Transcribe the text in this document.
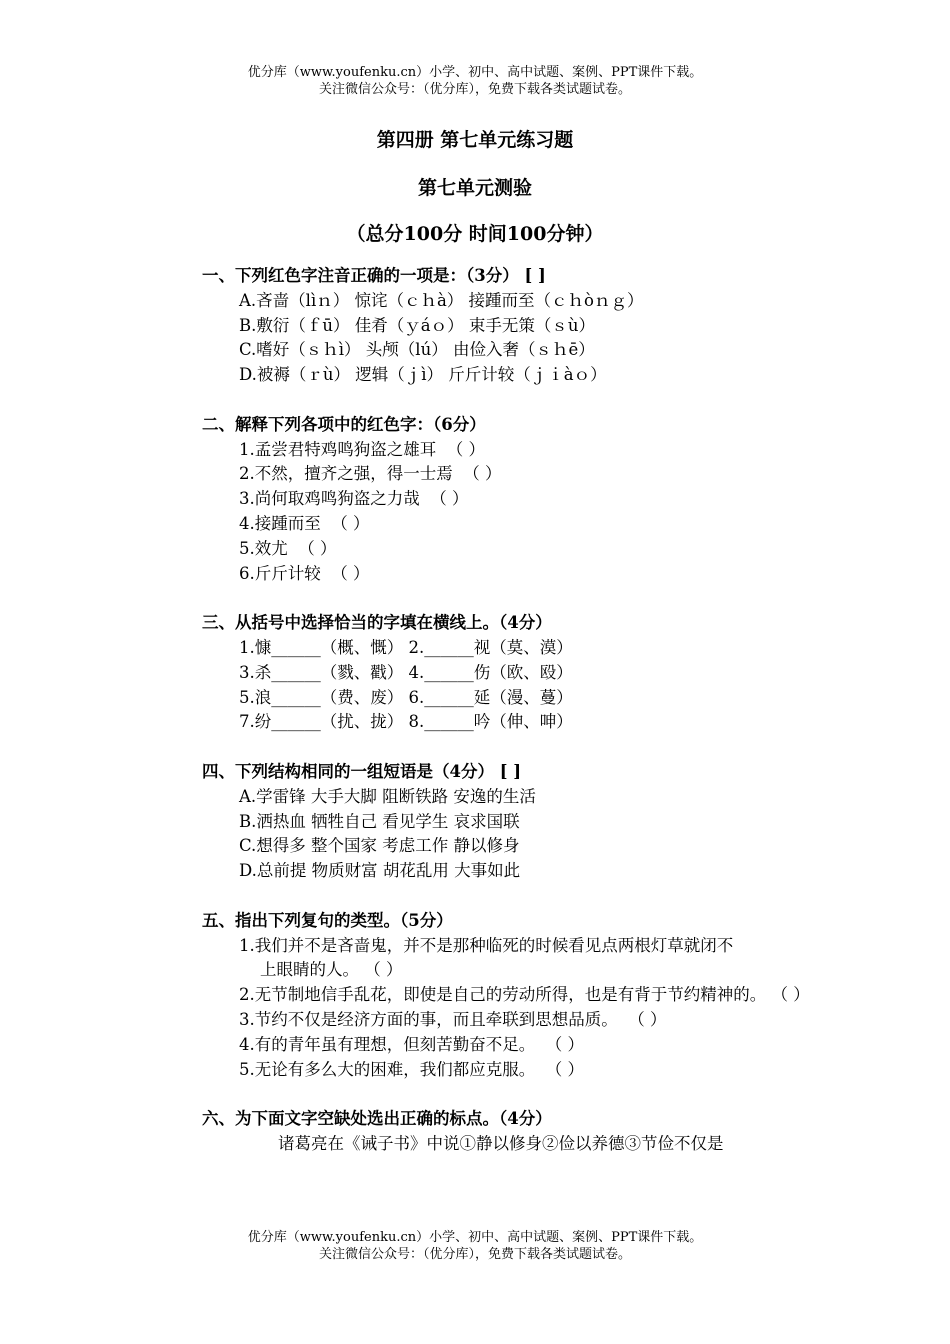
优分库（www.youfenku.cn）小学、初中、高中试题、案例、PPT课件下载。
关注微信公众号：（优分库），免费下载各类试题试卷。
第四册 第七单元练习题
第七单元测验
（总分100分 时间100分钟）
一、下列红色字注音正确的一项是：（3分） [ ]
A.吝啬（lìｎ） 惊诧（ｃｈà） 接踵而至（ｃｈòｎｇ）
B.敷衍（ｆū） 佳肴（ｙáｏ） 束手无策（ｓù）
C.嗜好（ｓｈì） 头颅（lú） 由俭入奢（ｓｈē）
D.被褥（ｒù） 逻辑（ｊì） 斤斤计较（ｊｉàｏ）
二、解释下列各项中的红色字：（6分）
1.孟尝君特鸡鸣狗盗之雄耳  （ ）
2.不然，擅齐之强，得一士焉  （ ）
3.尚何取鸡鸣狗盗之力哉  （ ）
4.接踵而至  （ ）
5.效尤  （ ）
6.斤斤计较  （ ）
三、从括号中选择恰当的字填在横线上。（4分）
1.慷______（概、慨） 2.______视（莫、漠）
3.杀______（戮、戳） 4.______伤（欧、殴）
5.浪______（费、废） 6.______延（漫、蔓）
7.纷______（扰、拢） 8.______吟（伸、呻）
四、下列结构相同的一组短语是（4分） [ ]
A.学雷锋 大手大脚 阻断铁路 安逸的生活
B.洒热血 牺牲自己 看见学生 哀求国联
C.想得多 整个国家 考虑工作 静以修身
D.总前提 物质财富 胡花乱用 大事如此
五、指出下列复句的类型。（5分）
1.我们并不是吝啬鬼，并不是那种临死的时候看见点两根灯草就闭不
上眼睛的人。 （ ）
2.无节制地信手乱花，即使是自己的劳动所得，也是有背于节约精神的。 （ ）
3.节约不仅是经济方面的事，而且牵联到思想品质。  （ ）
4.有的青年虽有理想，但刻苦勤奋不足。  （ ）
5.无论有多么大的困难，我们都应克服。  （ ）
六、为下面文字空缺处选出正确的标点。（4分）
诸葛亮在《诫子书》中说①静以修身②俭以养德③节俭不仅是
优分库（www.youfenku.cn）小学、初中、高中试题、案例、PPT课件下载。
关注微信公众号：（优分库），免费下载各类试题试卷。
